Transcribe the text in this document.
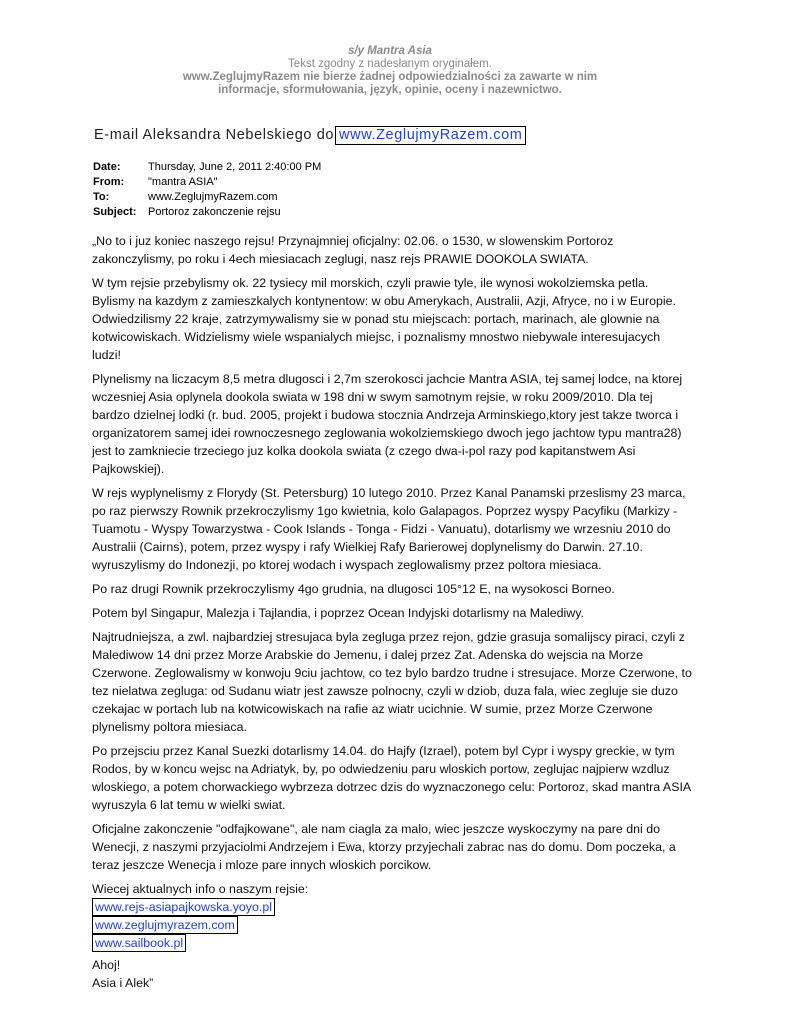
s/y Mantra Asia
Tekst zgodny z nadesłanym oryginałem.
www.ZeglujmyRazem nie bierze żadnej odpowiedzialności za zawarte w nim
informacje, sformułowania, język, opinie, oceny i nazewnictwo.
E-mail Aleksandra Nebelskiego do www.ZeglujmyRazem.com
Date:	Thursday, June 2, 2011 2:40:00 PM
From:	"mantra ASIA"
To:	www.ZeglujmyRazem.com
Subject:	Portoroz zakonczenie rejsu

„No to i juz koniec naszego rejsu! Przynajmniej oficjalny: 02.06. o 1530, w slowenskim Portoroz zakonczylismy, po roku i 4ech miesiacach zeglugi, nasz rejs PRAWIE DOOKOLA SWIATA.

W tym rejsie przebylismy ok. 22 tysiecy mil morskich, czyli prawie tyle, ile wynosi wokolziemska petla. Bylismy na kazdym z zamieszkalych kontynentow: w obu Amerykach, Australii, Azji, Afryce, no i w Europie. Odwiedzilismy 22 kraje, zatrzymywalismy sie w ponad stu miejscach: portach, marinach, ale glownie na kotwicowiskach. Widzielismy wiele wspanialych miejsc, i poznalismy mnostwo niebywale interesujacych ludzi!

Plynelismy na liczacym 8,5 metra dlugosci i 2,7m szerokosci jachcie Mantra ASIA, tej samej lodce, na ktorej wczesniej Asia oplynela dookola swiata w 198 dni w swym samotnym rejsie, w roku 2009/2010. Dla tej bardzo dzielnej lodki (r. bud. 2005, projekt i budowa stocznia Andrzeja Arminskiego,ktory jest takze tworca i organizatorem samej idei rownoczesnego zeglowania wokolziemskiego dwoch jego jachtow typu mantra28) jest to zamkniecie trzeciego juz kolka dookola swiata (z czego dwa-i-pol razy pod kapitanstwem Asi Pajkowskiej).

W rejs wyplynelismy z Florydy (St. Petersburg) 10 lutego 2010. Przez Kanal Panamski przeslismy 23 marca, po raz pierwszy Rownik przekroczylismy 1go kwietnia, kolo Galapagos. Poprzez wyspy Pacyfiku (Markizy - Tuamotu - Wyspy Towarzystwa - Cook Islands - Tonga - Fidzi - Vanuatu), dotarlismy we wrzesniu 2010 do Australii (Cairns), potem, przez wyspy i rafy Wielkiej Rafy Barierowej doplynelismy do Darwin. 27.10. wyruszylismy do Indonezji, po ktorej wodach i wyspach zeglowalismy przez poltora miesiaca.

Po raz drugi Rownik przekroczylismy 4go grudnia, na dlugosci 105°12 E, na wysokosci Borneo.

Potem byl Singapur, Malezja i Tajlandia, i poprzez Ocean Indyjski dotarlismy na Malediwy.

Najtrudniejsza, a zwl. najbardziej stresujaca byla zegluga przez rejon, gdzie grasuja somalijscy piraci, czyli z Malediwow 14 dni przez Morze Arabskie do Jemenu, i dalej przez Zat. Adenska do wejscia na Morze Czerwone. Zeglowalismy w konwoju 9ciu jachtow, co tez bylo bardzo trudne i stresujace. Morze Czerwone, to tez nielatwa zegluga: od Sudanu wiatr jest zawsze polnocny, czyli w dziob, duza fala, wiec zegluje sie duzo czekajac w portach lub na kotwicowiskach na rafie az wiatr ucichnie. W sumie, przez Morze Czerwone plynelismy poltora miesiaca.

Po przejsciu przez Kanal Suezki dotarlismy 14.04. do Hajfy (Izrael), potem byl Cypr i wyspy greckie, w tym Rodos, by w koncu wejsc na Adriatyk, by, po odwiedzeniu paru wloskich portow, zeglujac najpierw wzdluz wloskiego, a potem chorwackiego wybrzeza dotrzec dzis do wyznaczonego celu: Portoroz, skad mantra ASIA wyruszyla 6 lat temu w wielki swiat.

Oficjalne zakonczenie "odfajkowane", ale nam ciagla za malo, wiec jeszcze wyskoczymy na pare dni do Wenecji, z naszymi przyjaciolmi Andrzejem i Ewa, ktorzy przyjechali zabrac nas do domu. Dom poczeka, a teraz jeszcze Wenecja i mloze pare innych wloskich porcikow.

Wiecej aktualnych info o naszym rejsie:
www.rejs-asiapajkowska.yoyo.pl
www.zeglujmyrazem.com
www.sailbook.pl
Ahoj!
Asia i Alek”
